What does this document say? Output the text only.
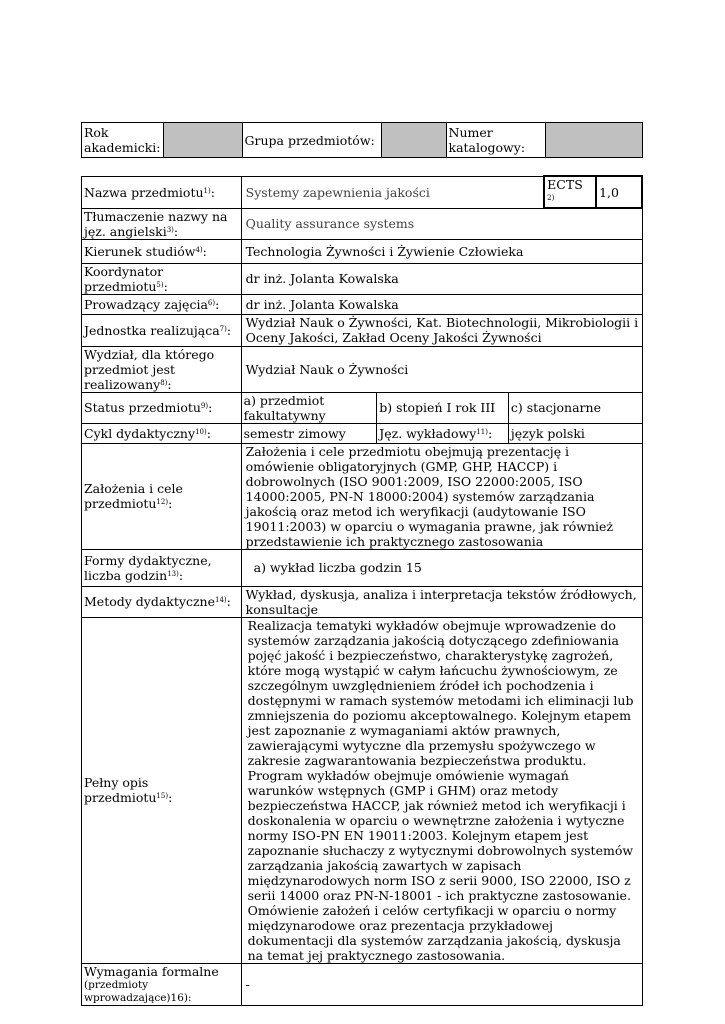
Rok akademicki:		Grupa przedmiotów:		Numer katalogowy:	
Nazwa przedmiotu$^{1)}$:	Systemy zapewnienia jakości			ECTS $^{2)}$	1,0
Tłumaczenie nazwy na jęz. angielski$^{3)}$:	Quality assurance systems				
Kierunek studiów$^{4)}$:	Technologia Żywności i Żywienie Człowieka				
Koordynator przedmiotu$^{5)}$:	dr inż. Jolanta Kowalska				
Prowadzący zajęcia$^{6)}$:	dr inż. Jolanta Kowalska				
Jednostka realizująca$^{7)}$:	Wydział Nauk o Żywności, Kat. Biotechnologii, Mikrobiologii i Oceny Jakości, Zakład Oceny Jakości Żywności				
Wydział, dla którego przedmiot jest realizowany$^{8)}$:	Wydział Nauk o Żywności				
Status przedmiotu$^{9)}$:	a) przedmiot fakultatywny	b) stopień I rok III	c) stacjonarne		
Cykl dydaktyczny$^{10)}$:	semestr zimowy	Jęz. wykładowy$^{11)}$:	język polski		
Założenia i cele przedmiotu$^{12)}$:	Założenia i cele przedmiotu obejmują prezentację i omówienie obligatoryjnych (GMP, GHP, HACCP) i dobrowolnych (ISO 9001:2009, ISO 22000:2005, ISO 14000:2005, PN-N 18000:2004) systemów zarządzania jakością oraz metod ich weryfikacji (audytowanie ISO 19011:2003) w oparciu o wymagania prawne, jak również przedstawienie ich praktycznego zastosowania				
Formy dydaktyczne, liczba godzin$^{13)}$:	a) wykład liczba godzin 15				
Metody dydaktyczne$^{14)}$:	Wykład, dyskusja, analiza i interpretacja tekstów źródłowych, konsultacje				
Pełny opis przedmiotu$^{15)}$:	Realizacja tematyki wykładów obejmuje wprowadzenie do systemów zarządzania jakością dotyczącego zdefiniowania pojęć jakość i bezpieczeństwo, charakterystykę zagrożeń, które mogą wystąpić w całym łańcuchu żywnościowym, ze szczególnym uwzględnieniem źródeł ich pochodzenia i dostępnymi w ramach systemów metodami ich eliminacji lub zmniejszenia do poziomu akceptowalnego. Kolejnym etapem jest zapoznanie z wymaganiami aktów prawnych, zawierającymi wytyczne dla przemysłu spożywczego w zakresie zagwarantowania bezpieczeństwa produktu. Program wykładów obejmuje omówienie wymagań warunków wstępnych (GMP i GHM) oraz metody bezpieczeństwa HACCP, jak również metod ich weryfikacji i doskonalenia w oparciu o wewnętrzne założenia i wytyczne normy ISO-PN EN 19011:2003. Kolejnym etapem jest zapoznanie słuchaczy z wytycznymi dobrowolnych systemów zarządzania jakością zawartych w zapisach międzynarodowych norm ISO z serii 9000, ISO 22000, ISO z serii 14000 oraz PN-N-18001 - ich praktyczne zastosowanie. Omówienie założeń i celów certyfikacji w oparciu o normy międzynarodowe oraz prezentacja przykładowej dokumentacji dla systemów zarządzania jakością, dyskusja na temat jej praktycznego zastosowania.				

Wymagania formalne
(przedmioty wprowadzające)16):	-				
